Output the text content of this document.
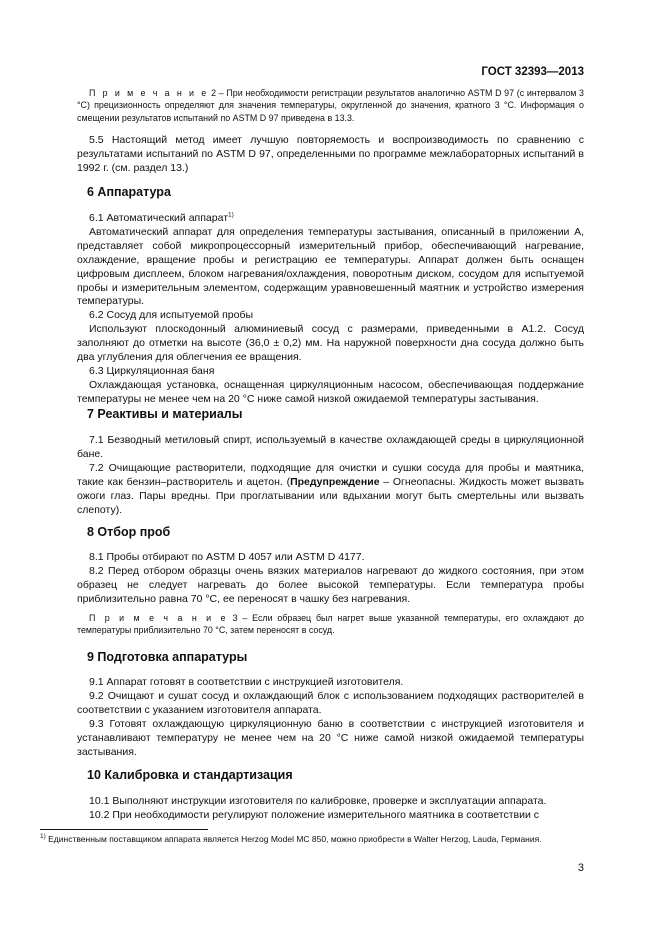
ГОСТ 32393—2013

П р и м е ч а н и е 2 – При необходимости регистрации результатов аналогично ASTM D 97 (с интервалом 3 °С) прецизионность определяют для значения температуры, округленной до значения, кратного 3 °С. Информация о смещении результатов испытаний по ASTM D 97 приведена в 13.3.

5.5 Настоящий метод имеет лучшую повторяемость и воспроизводимость по сравнению с результатами испытаний по ASTM D 97, определенными по программе межлабораторных испытаний в 1992 г. (см. раздел 13.)

6 Аппаратура

6.1 Автоматический аппарат$^{1)}$

Автоматический аппарат для определения температуры застывания, описанный в приложении А, представляет собой микропроцессорный измерительный прибор, обеспечивающий нагревание, охлаждение, вращение пробы и регистрацию ее температуры. Аппарат должен быть оснащен цифровым дисплеем, блоком нагревания/охлаждения, поворотным диском, сосудом для испытуемой пробы и измерительным элементом, содержащим уравновешенный маятник и устройство измерения температуры.

6.2 Сосуд для испытуемой пробы

Используют плоскодонный алюминиевый сосуд с размерами, приведенными в А1.2. Сосуд заполняют до отметки на высоте (36,0 ± 0,2) мм. На наружной поверхности дна сосуда должно быть два углубления для облегчения ее вращения.

6.3 Циркуляционная баня

Охлаждающая установка, оснащенная циркуляционным насосом, обеспечивающая поддержание температуры не менее чем на 20 °С ниже самой низкой ожидаемой температуры застывания.

7 Реактивы и материалы

7.1 Безводный метиловый спирт, используемый в качестве охлаждающей среды в циркуляционной бане.

7.2 Очищающие растворители, подходящие для очистки и сушки сосуда для пробы и маятника, такие как бензин–растворитель и ацетон. (Предупреждение – Огнеопасны. Жидкость может вызвать ожоги глаз. Пары вредны. При проглатывании или вдыхании могут быть смертельны или вызвать слепоту).

8 Отбор проб

8.1 Пробы отбирают по ASTM D 4057 или ASTM D 4177.

8.2 Перед отбором образцы очень вязких материалов нагревают до жидкого состояния, при этом образец не следует нагревать до более высокой температуры. Если температура пробы приблизительно равна 70 °С, ее переносят в чашку без нагревания.

П р и м е ч а н и е 3 – Если образец был нагрет выше указанной температуры, его охлаждают до температуры приблизительно 70 °С, затем переносят в сосуд.

9 Подготовка аппаратуры

9.1 Аппарат готовят в соответствии с инструкцией изготовителя.

9.2 Очищают и сушат сосуд и охлаждающий блок с использованием подходящих растворителей в соответствии с указанием изготовителя аппарата.

9.3 Готовят охлаждающую циркуляционную баню в соответствии с инструкцией изготовителя и устанавливают температуру не менее чем на 20 °С ниже самой низкой ожидаемой температуры застывания.

10 Калибровка и стандартизация

10.1 Выполняют инструкции изготовителя по калибровке, проверке и эксплуатации аппарата.

10.2 При необходимости регулируют положение измерительного маятника в соответствии с

$^{1)}$ Единственным поставщиком аппарата является Herzog Model MC 850, можно приобрести в Walter Herzog, Lauda, Германия.

3
